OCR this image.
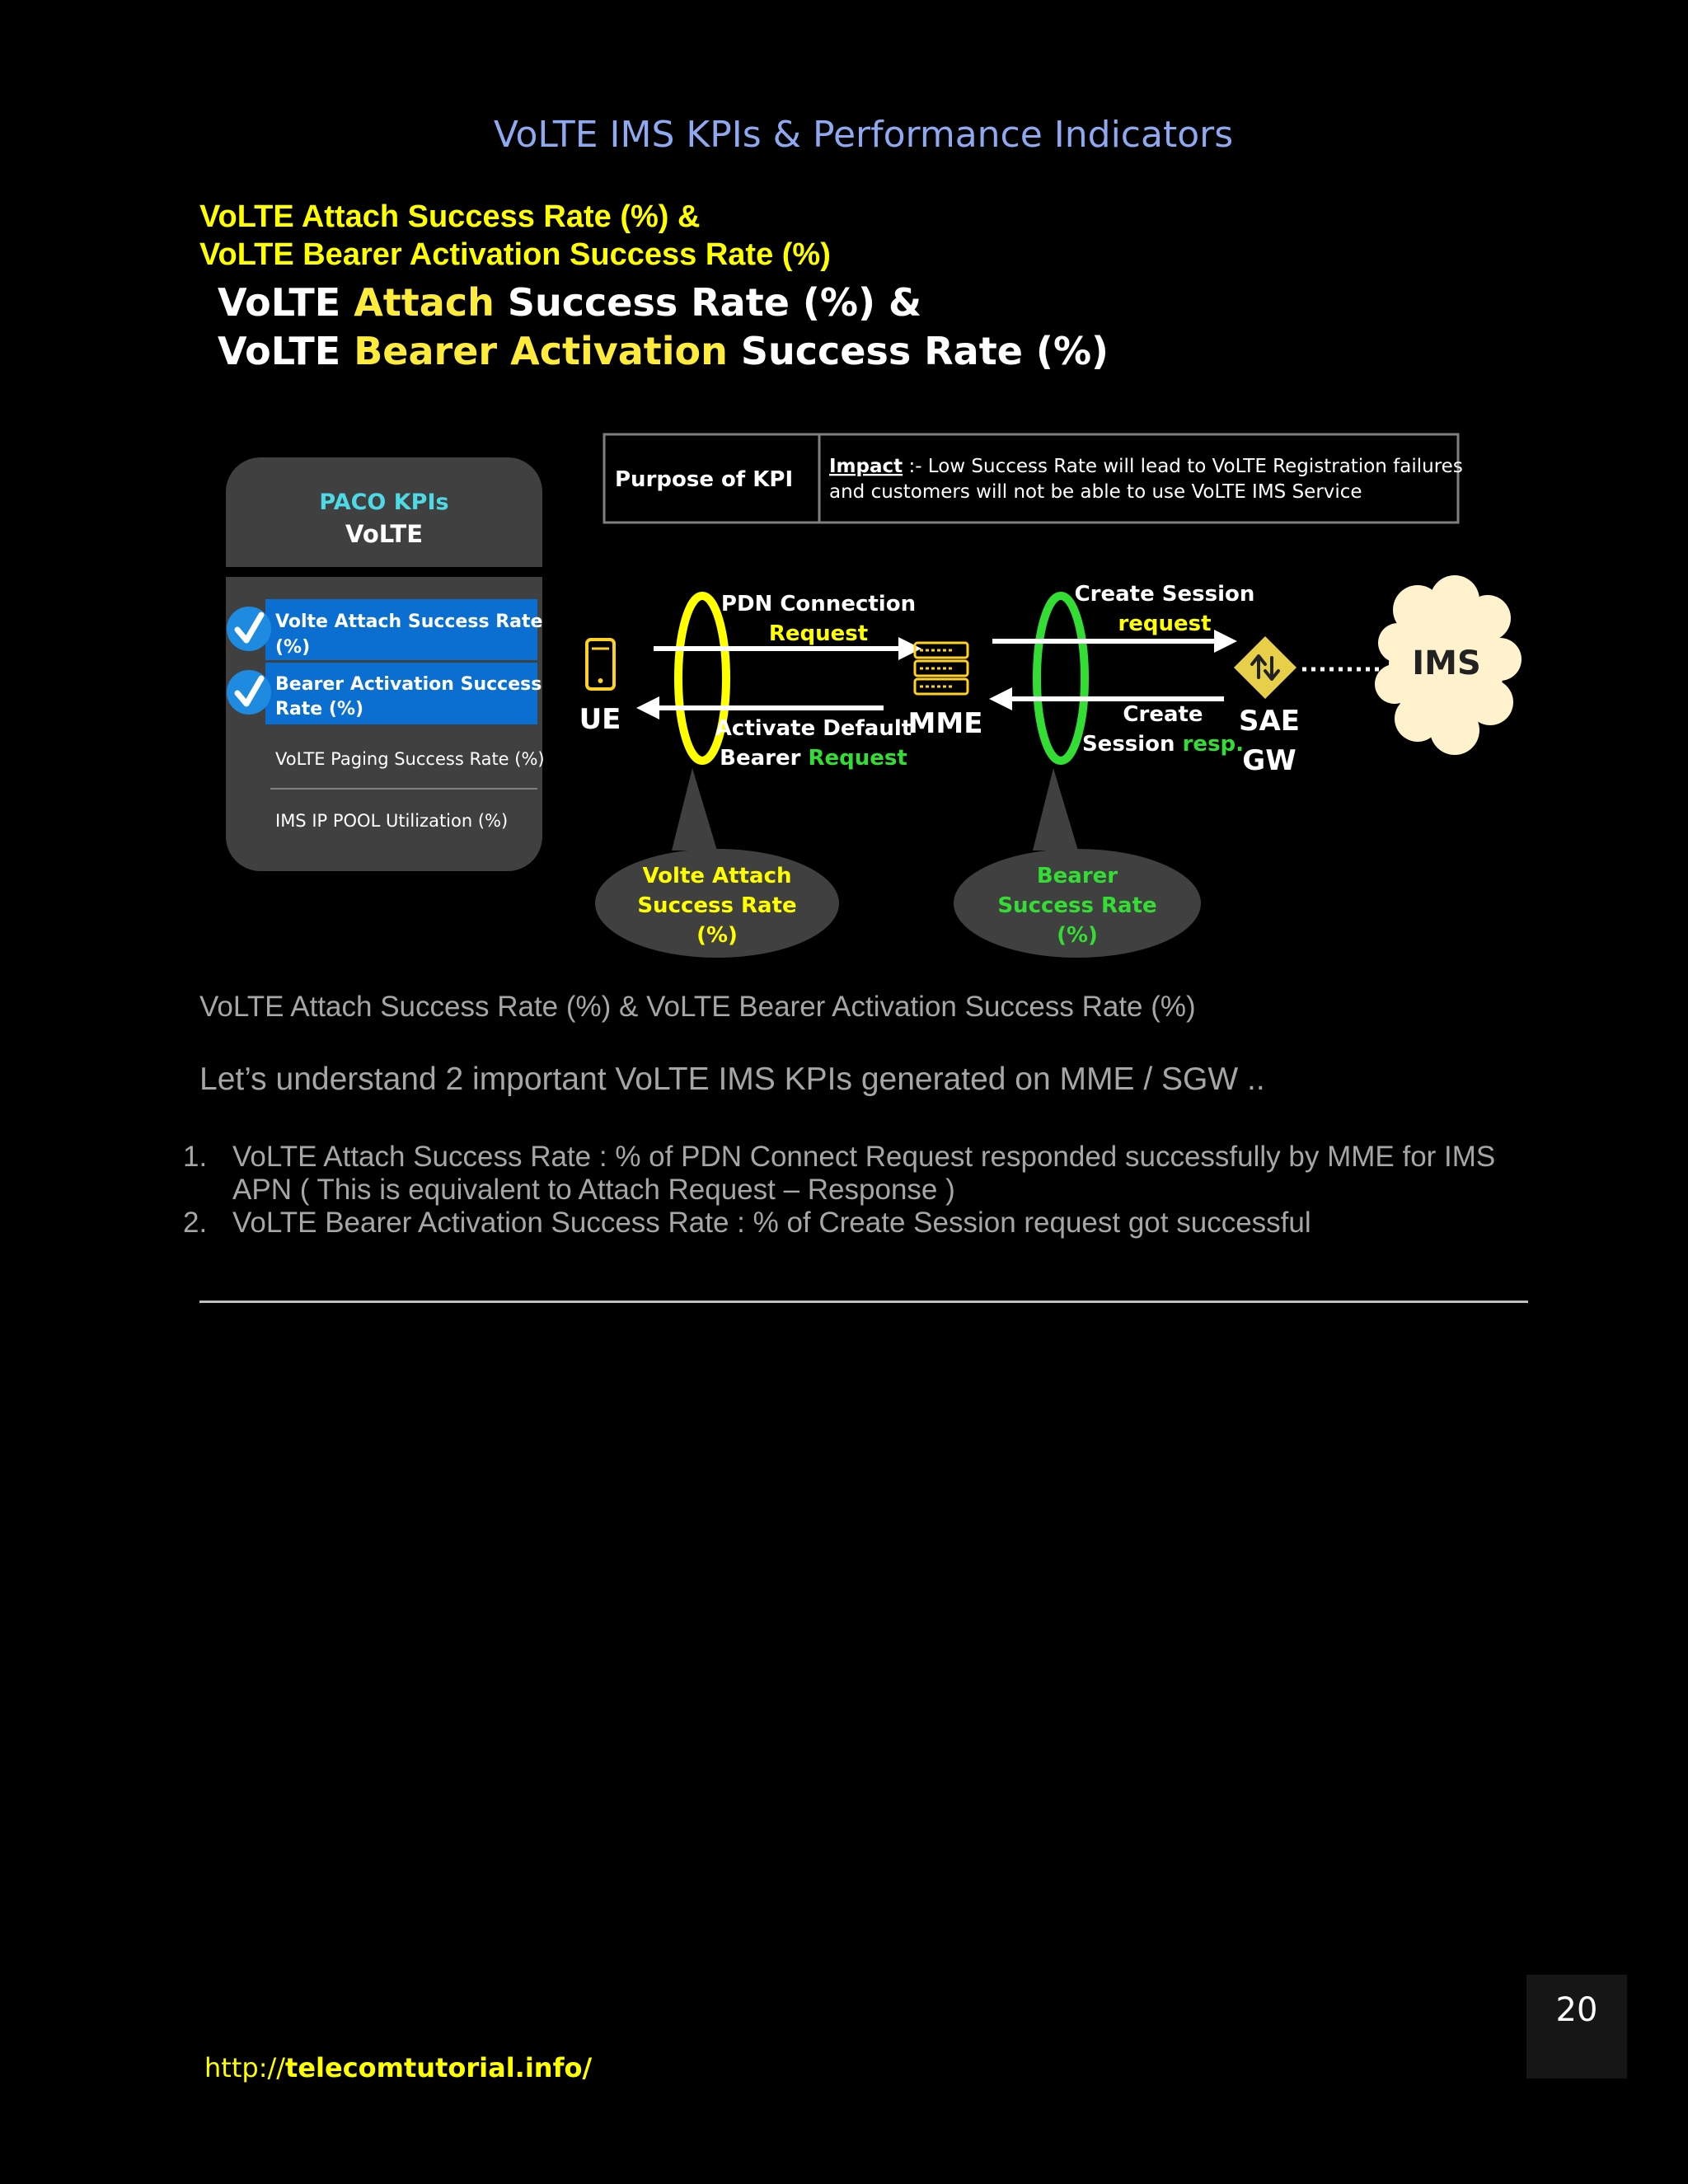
VoLTE IMS KPIs & Performance Indicators
VoLTE Attach Success Rate (%) &
VoLTE Bearer Activation Success Rate (%)
VoLTE Attach Success Rate (%) &
VoLTE Bearer Activation Success Rate (%)
Purpose of KPI
Impact :- Low Success Rate will lead to VoLTE Registration failures
and customers will not be able to use VoLTE IMS Service
PACO KPIs
VoLTE
Volte Attach Success Rate
(%)
Bearer Activation Success
Rate (%)
VoLTE Paging Success Rate (%)
IMS IP POOL Utilization (%)
UE
PDN Connection
Request
Activate Default
Bearer Request
MME
Create Session
request
Create
Session resp.
SAE
GW
IMS
Volte Attach
Success Rate
(%)
Bearer
Success Rate
(%)
VoLTE Attach Success Rate (%) & VoLTE Bearer Activation Success Rate (%)
Let’s understand 2 important VoLTE IMS KPIs generated on MME / SGW ..
1. VoLTE Attach Success Rate : % of PDN Connect Request responded successfully by MME for IMS
APN ( This is equivalent to Attach Request – Response )
2. VoLTE Bearer Activation Success Rate : % of Create Session request got successful
20
http://telecomtutorial.info/
